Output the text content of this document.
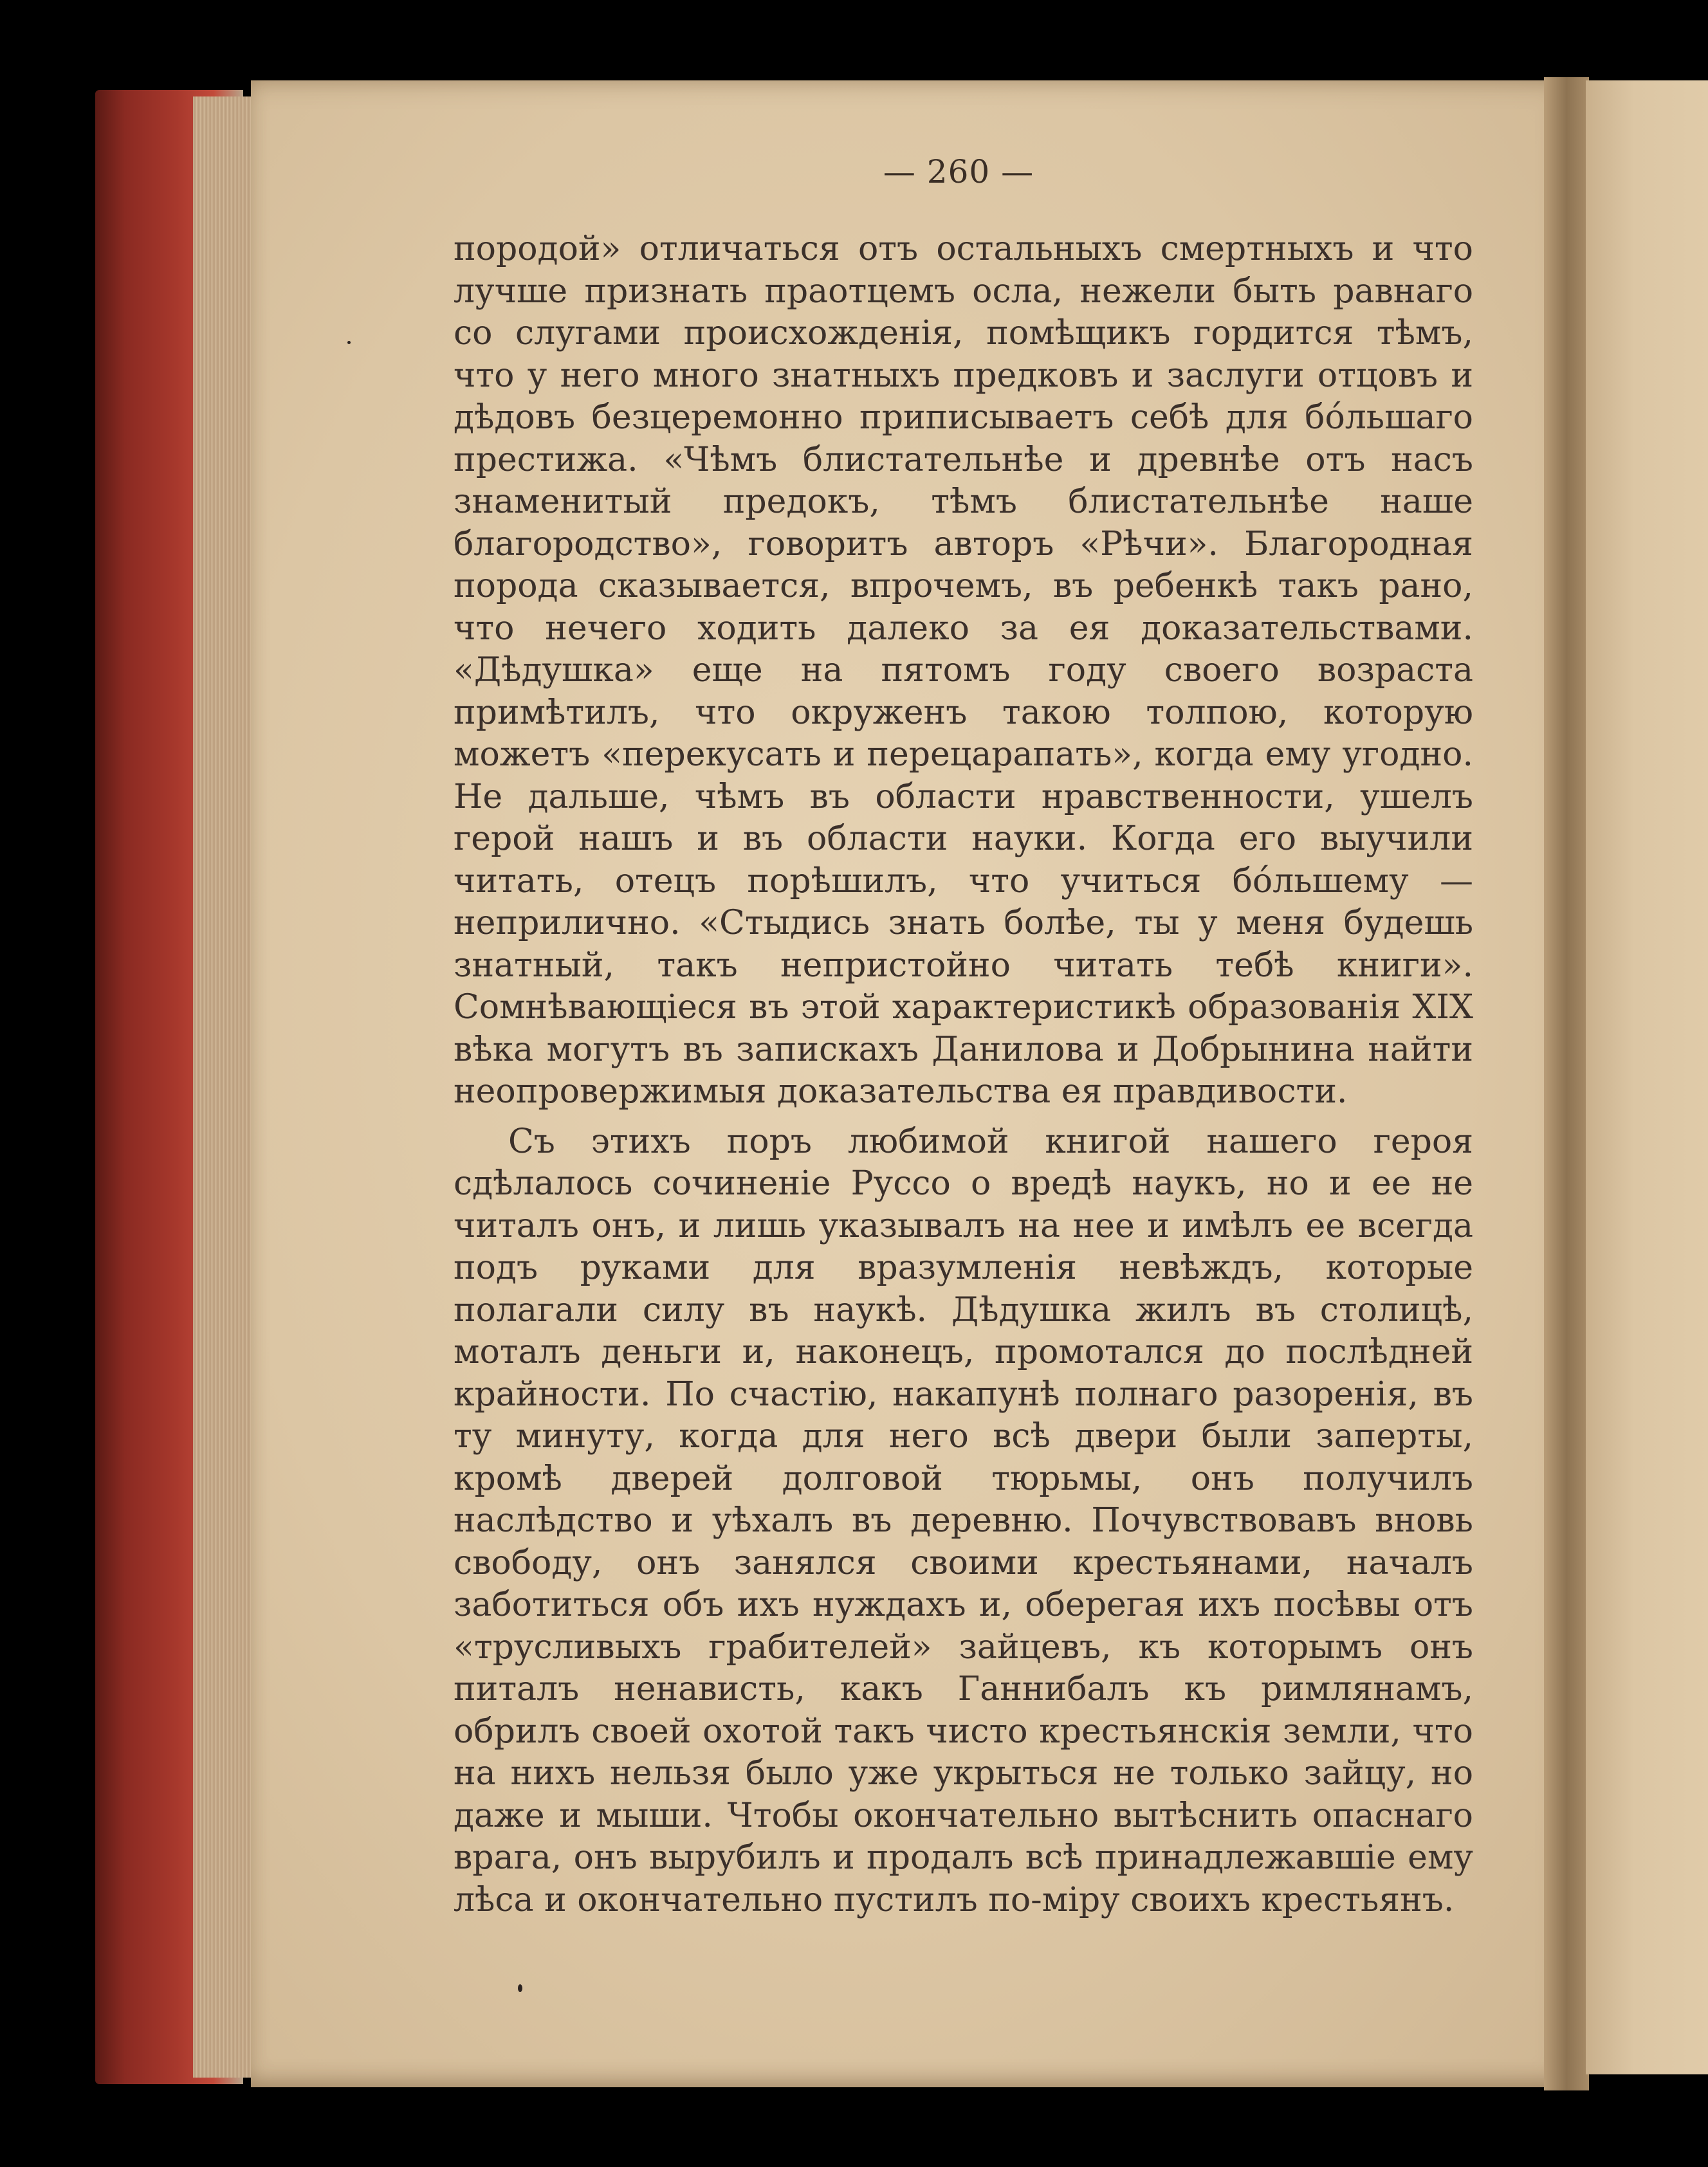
— 260 —

породой» отличаться отъ остальныхъ смертныхъ и что лучше признать праотцемъ осла, нежели быть равнаго со слугами происхожденія, помѣщикъ гордится тѣмъ, что у него много знатныхъ предковъ и заслуги отцовъ и дѣдовъ безцеремонно приписываетъ себѣ для бо́льшаго престижа. «Чѣмъ блистательнѣе и древнѣе отъ насъ знаменитый предокъ, тѣмъ блистательнѣе наше благородство», говоритъ авторъ «Рѣчи». Благородная порода сказывается, впрочемъ, въ ребенкѣ такъ рано, что нечего ходить далеко за ея доказательствами. «Дѣдушка» еще на пятомъ году своего возраста примѣтилъ, что окруженъ такою толпою, которую можетъ «перекусать и перецарапать», когда ему угодно. Не дальше, чѣмъ въ области нравственности, ушелъ герой нашъ и въ области науки. Когда его выучили читать, отецъ порѣшилъ, что учиться бо́льшему — неприлично. «Стыдись знать болѣе, ты у меня будешь знатный, такъ непристойно читать тебѣ книги». Сомнѣвающіеся въ этой характеристикѣ образованія XIX вѣка могутъ въ запискахъ Данилова и Добрынина найти неопровержимыя доказательства ея правдивости.

Съ этихъ поръ любимой книгой нашего героя сдѣлалось сочиненіе Руссо о вредѣ наукъ, но и ее не читалъ онъ, и лишь указывалъ на нее и имѣлъ ее всегда подъ руками для вразумленія невѣждъ, которые полагали силу въ наукѣ. Дѣдушка жилъ въ столицѣ, моталъ деньги и, наконецъ, промотался до послѣдней крайности. По счастію, накапунѣ полнаго разоренія, въ ту минуту, когда для него всѣ двери были заперты, кромѣ дверей долговой тюрьмы, онъ получилъ наслѣдство и уѣхалъ въ деревню. Почувствовавъ вновь свободу, онъ занялся своими крестьянами, началъ заботиться объ ихъ нуждахъ и, оберегая ихъ посѣвы отъ «трусливыхъ грабителей» зайцевъ, къ которымъ онъ питалъ ненависть, какъ Ганнибалъ къ римлянамъ, обрилъ своей охотой такъ чисто крестьянскія земли, что на нихъ нельзя было уже укрыться не только зайцу, но даже и мыши. Чтобы окончательно вытѣснить опаснаго врага, онъ вырубилъ и продалъ всѣ принадлежавшіе ему лѣса и окончательно пустилъ по-міру своихъ крестьянъ.
